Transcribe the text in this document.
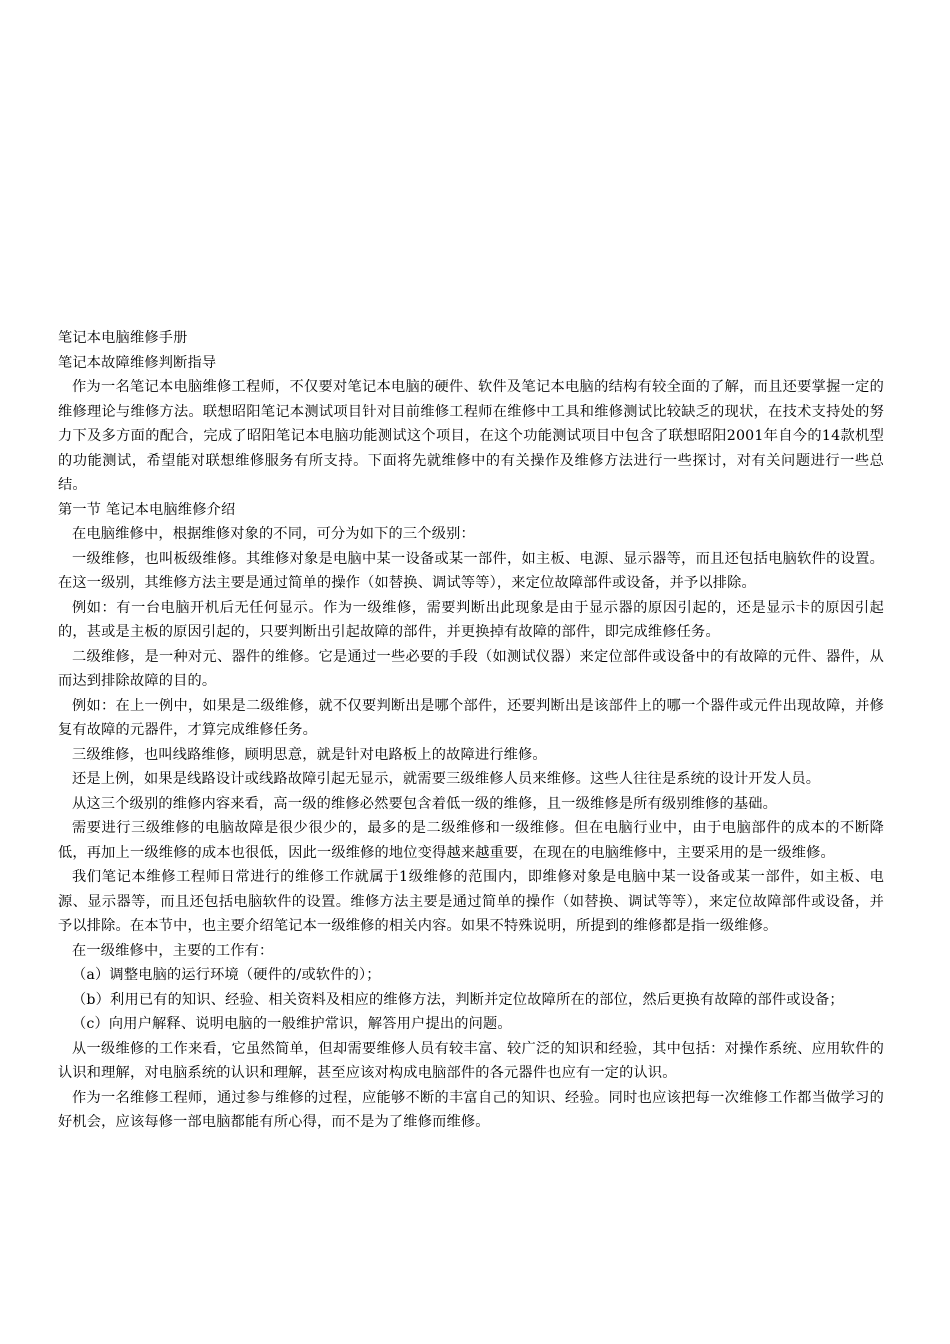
笔记本电脑维修手册

笔记本故障维修判断指导

作为一名笔记本电脑维修工程师，不仅要对笔记本电脑的硬件、软件及笔记本电脑的结构有较全面的了解，而且还要掌握一定的维修理论与维修方法。联想昭阳笔记本测试项目针对目前维修工程师在维修中工具和维修测试比较缺乏的现状，在技术支持处的努力下及多方面的配合，完成了昭阳笔记本电脑功能测试这个项目，在这个功能测试项目中包含了联想昭阳2001年自今的14款机型的功能测试，希望能对联想维修服务有所支持。下面将先就维修中的有关操作及维修方法进行一些探讨，对有关问题进行一些总结。

第一节 笔记本电脑维修介绍

在电脑维修中，根据维修对象的不同，可分为如下的三个级别：

一级维修，也叫板级维修。其维修对象是电脑中某一设备或某一部件，如主板、电源、显示器等，而且还包括电脑软件的设置。在这一级别，其维修方法主要是通过简单的操作（如替换、调试等等），来定位故障部件或设备，并予以排除。

例如：有一台电脑开机后无任何显示。作为一级维修，需要判断出此现象是由于显示器的原因引起的，还是显示卡的原因引起的，甚或是主板的原因引起的，只要判断出引起故障的部件，并更换掉有故障的部件，即完成维修任务。

二级维修，是一种对元、器件的维修。它是通过一些必要的手段（如测试仪器）来定位部件或设备中的有故障的元件、器件，从而达到排除故障的目的。

例如：在上一例中，如果是二级维修，就不仅要判断出是哪个部件，还要判断出是该部件上的哪一个器件或元件出现故障，并修复有故障的元器件，才算完成维修任务。

三级维修，也叫线路维修，顾明思意，就是针对电路板上的故障进行维修。

还是上例，如果是线路设计或线路故障引起无显示，就需要三级维修人员来维修。这些人往往是系统的设计开发人员。

从这三个级别的维修内容来看，高一级的维修必然要包含着低一级的维修，且一级维修是所有级别维修的基础。

需要进行三级维修的电脑故障是很少很少的，最多的是二级维修和一级维修。但在电脑行业中，由于电脑部件的成本的不断降低，再加上一级维修的成本也很低，因此一级维修的地位变得越来越重要，在现在的电脑维修中，主要采用的是一级维修。

我们笔记本维修工程师日常进行的维修工作就属于1级维修的范围内，即维修对象是电脑中某一设备或某一部件，如主板、电源、显示器等，而且还包括电脑软件的设置。维修方法主要是通过简单的操作（如替换、调试等等），来定位故障部件或设备，并予以排除。在本节中，也主要介绍笔记本一级维修的相关内容。如果不特殊说明，所提到的维修都是指一级维修。

在一级维修中，主要的工作有：

（a）调整电脑的运行环境（硬件的/或软件的）；

（b）利用已有的知识、经验、相关资料及相应的维修方法，判断并定位故障所在的部位，然后更换有故障的部件或设备；

（c）向用户解释、说明电脑的一般维护常识，解答用户提出的问题。

从一级维修的工作来看，它虽然简单，但却需要维修人员有较丰富、较广泛的知识和经验，其中包括：对操作系统、应用软件的认识和理解，对电脑系统的认识和理解，甚至应该对构成电脑部件的各元器件也应有一定的认识。

作为一名维修工程师，通过参与维修的过程，应能够不断的丰富自己的知识、经验。同时也应该把每一次维修工作都当做学习的好机会，应该每修一部电脑都能有所心得，而不是为了维修而维修。
